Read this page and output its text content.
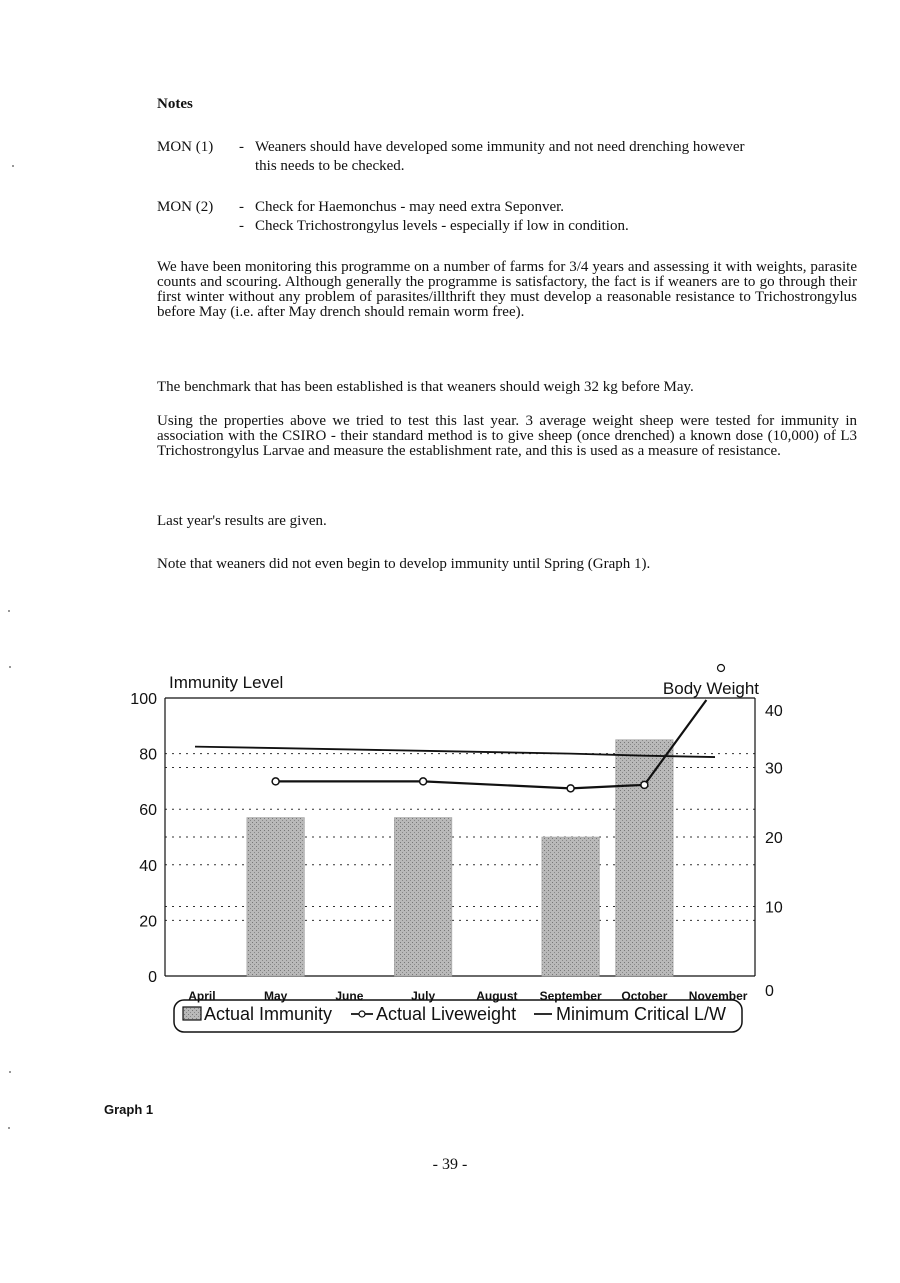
Notes
MON (1)	- Weaners should have developed some immunity and not need drenching however
this needs to be checked.
MON (2)	- Check for Haemonchus - may need extra Seponver.
- Check Trichostrongylus levels - especially if low in condition.
We have been monitoring this programme on a number of farms for 3/4 years and assessing it with weights, parasite counts and scouring. Although generally the programme is satisfactory, the fact is if weaners are to go through their first winter without any problem of parasites/illthrift they must develop a reasonable resistance to Trichostrongylus before May (i.e. after May drench should remain worm free).
The benchmark that has been established is that weaners should weigh 32 kg before May.
Using the properties above we tried to test this last year. 3 average weight sheep were tested for immunity in association with the CSIRO - their standard method is to give sheep (once drenched) a known dose (10,000) of L3 Trichostrongylus Larvae and measure the establishment rate, and this is used as a measure of resistance.
Last year's results are given.
Note that weaners did not even begin to develop immunity until Spring (Graph 1).
100
80
60
40
20
0
40
30
20
10
0
Immunity Level	Body Weight
April	May	June	July	August September October November
Actual Immunity Actual Liveweight Minimum Critical L/W
Graph 1
- 39 -
